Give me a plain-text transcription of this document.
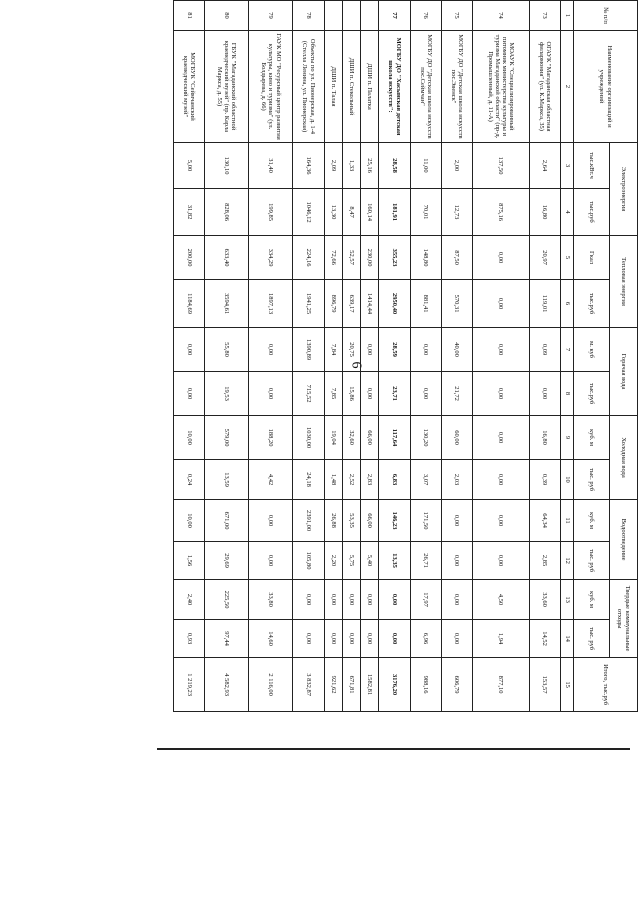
6
№ п/п	Наименование организаций и учреждений	Электроэнергия		Тепловая энергия		Горячая вода		Холодная вода		Водоотведение		Твердые коммунальные отходы		Итого, тыс.руб
		тыс.кВт.ч	тыс.руб	Гкал	тыс.руб	м. куб	тыс.руб	куб. м	тыс. руб	куб. м	тыс. руб	куб. м	тыс. руб	
1	2	3	4	5	6	7	8	9	10	11	12	13	14	15
73	ОГАУК "Магаданская областная филармония" (ул. К.Маркса, 35)	2,64	16,80	20,97	119,01	0,09	0,00	16,80	0,39	64,34	2,85	33,60	14,52	153,57
74	МОАУК "Специализированный питомник министерства культуры и туризма Магаданской области" (пр-д. Промышленный, д. 11-А)	137,50	875,16	0,00	0,00	0,00	0,00	0,00	0,00	0,00	0,00	4,50	1,94	877,10
75	МОГБУ ДО "Детская школа искусств пос.Эвенск"	2,00	12,73	87,50	570,31	40,00	21,72	60,00	2,03	0,00	0,00	0,00	0,00	606,79
76	МОГБУ ДО "Детская школа искусств пос.Сеймчан"	11,00	70,01	148,80	881,41	0,00	0,00	130,20	3,07	171,50	26,71	17,97	6,96	988,16
77	МОГБУ ДО "Хасынская детская школа искусств":	28,58	181,91	355,23	2950,40	28,59	23,71	117,64	6,83	146,23	13,35	0,00	0,00	3176,20
	ДШИ п. Палатка	25,16	160,14	230,00	1414,44	0,00	0,00	66,00	2,83	66,00	5,40	0,00	0,00	1582,81
	ДШИ п. Стекольный	1,33	8,47	52,57	639,17	20,75	15,86	32,60	2,52	53,35	5,75	0,00	0,00	671,81
	ДШИ п. Талая	2,09	13,30	72,66	896,79	7,84	7,85	19,04	1,48	26,88	2,20	0,00	0,00	921,62
78	Объекты по ул. Пионерская, д. 1-4 (Стелла Ленина, ул. Пионерская)	164,36	1046,12	224,16	1941,25	1390,89	715,52	1030,00	24,18	2391,00	105,80	0,00	0,00	3 832,87
79	ГАУК МО "Ресурсный центр развития культуры, кино и туризма" (ул. Болдырева, д. 66)	31,40	199,85	334,29	1897,13	0,00	0,00	188,20	4,42	0,00	0,00	33,80	14,60	2 116,00
80	ГБУК "Магаданский областной краеведческий музей" (пр. Карла Маркса, д. 55)	130,10	828,06	633,40	3594,61	55,80	19,53	579,00	13,59	671,00	29,69	225,50	97,44	4 582,93
81	МОГБУК "Сеймчанский краеведческий музей"	5,00	31,82	200,00	1184,69	0,00	0,00	10,00	0,24	10,00	1,56	2,40	0,93	1 219,23
